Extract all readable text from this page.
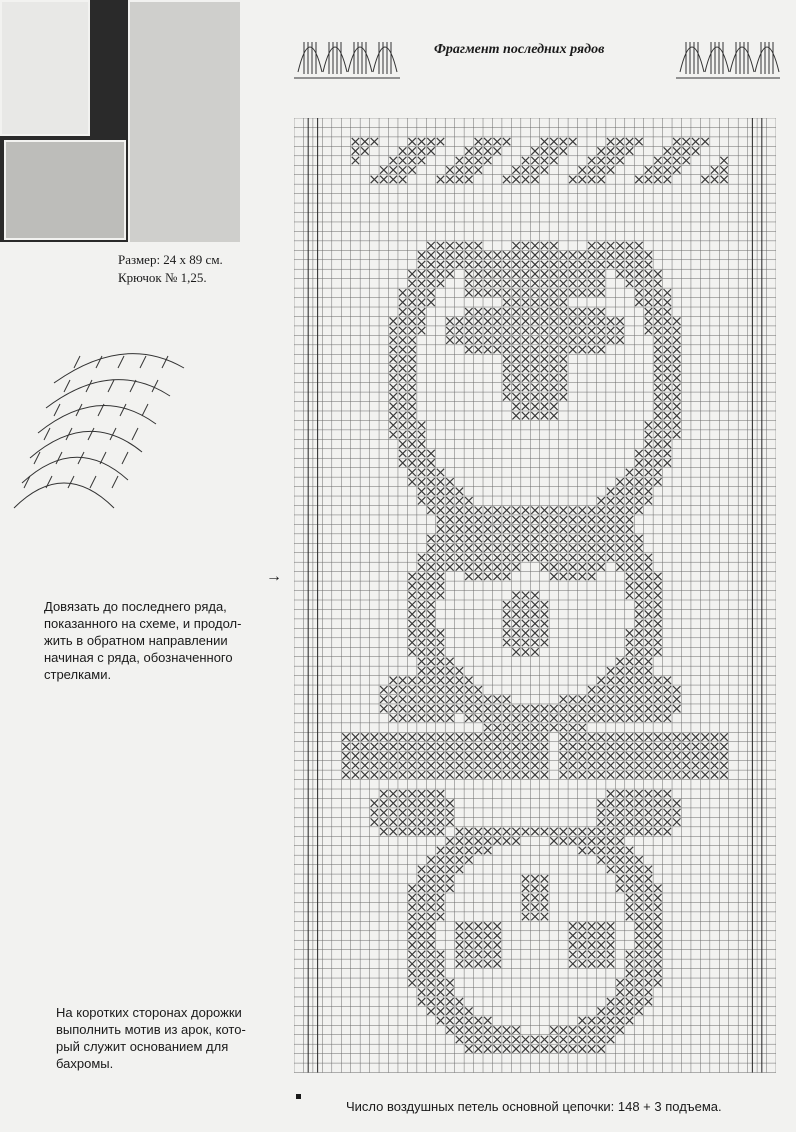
Размер: 24 х 89 см.
Крючок № 1,25.
Довязать до последнего ряда,
показанного на схеме, и продол-
жить в обратном направлении
начиная с ряда, обозначенного
стрелками.
На коротких сторонах дорожки
выполнить мотив из арок, кото-
рый служит основанием для
бахромы.
Фрагмент последних рядов
→
Число воздушных петель основной цепочки: 148 + 3 подъема.
